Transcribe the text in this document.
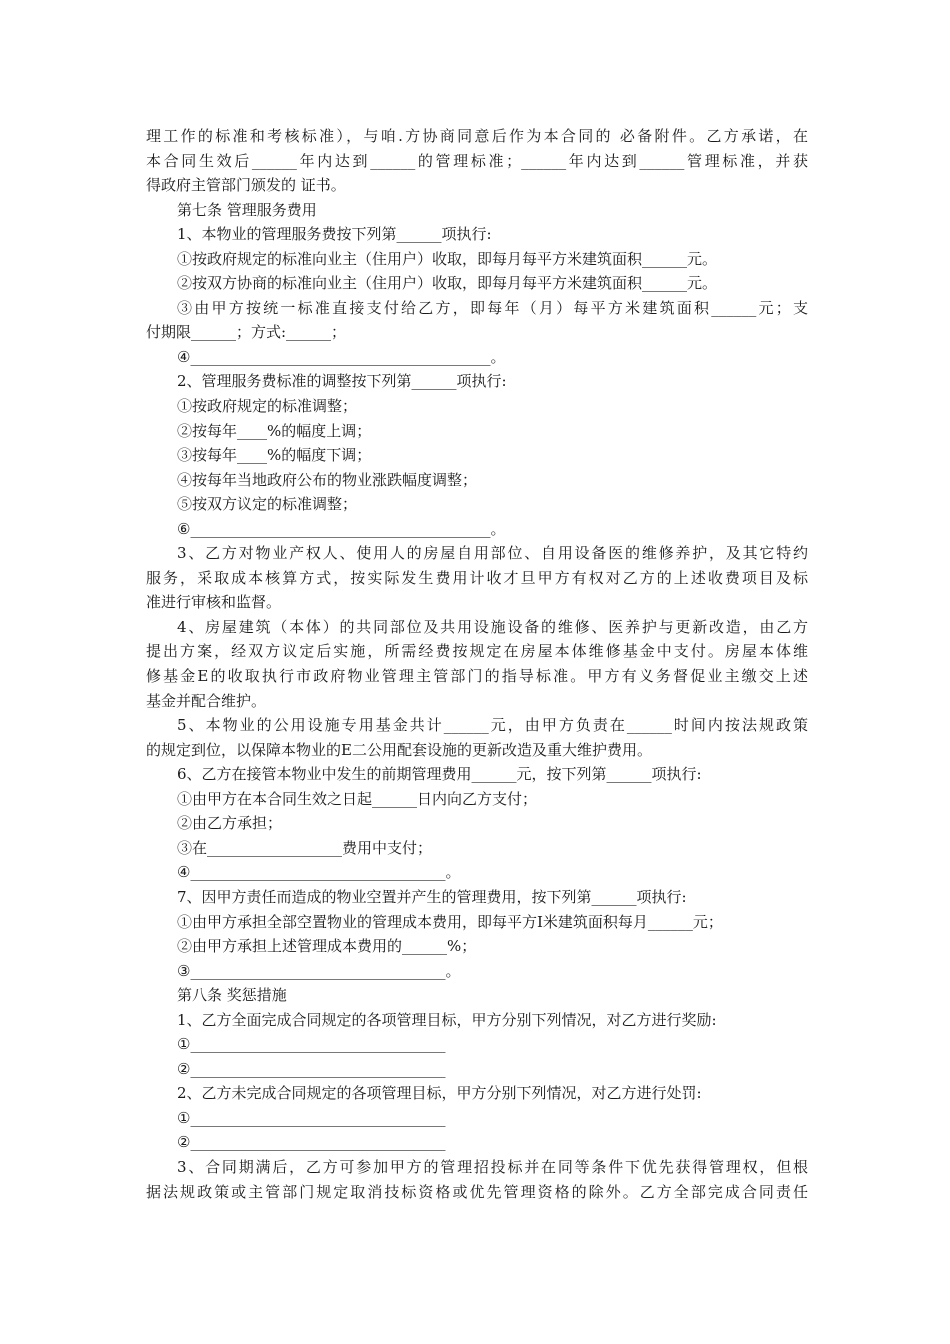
理工作的标准和考核标准），与咱.方协商同意后作为本合同的 必备附件。乙方承诺，在
本合同生效后______年内达到______的管理标准；______年内达到______管理标准，并获
得政府主管部门颁发的 证书。
第七条 管理服务费用
1、本物业的管理服务费按下列第______项执行:
①按政府规定的标准向业主（住用户）收取，即每月每平方米建筑面积______元。
②按双方协商的标准向业主（住用户）收取，即每月每平方米建筑面积______元。
③由甲方按统一标准直接支付给乙方，即每年（月）每平方米建筑面积______元；支
付期限______；方式:______；
④________________________________________。
2、管理服务费标准的调整按下列第______项执行:
①按政府规定的标准调整；
②按每年____%的幅度上调；
③按每年____%的幅度下调；
④按每年当地政府公布的物业涨跌幅度调整；
⑤按双方议定的标准调整；
⑥________________________________________。
3、乙方对物业产权人、使用人的房屋自用部位、自用设备医的维修养护，及其它特约
服务，采取成本核算方式，按实际发生费用计收才旦甲方有权对乙方的上述收费项目及标
准进行审核和监督。
4、房屋建筑（本体）的共同部位及共用设施设备的维修、医养护与更新改造，由乙方
提出方案，经双方议定后实施，所需经费按规定在房屋本体维修基金中支付。房屋本体维
修基金E的收取执行市政府物业管理主管部门的指导标准。甲方有义务督促业主缴交上述
基金并配合维护。
5、本物业的公用设施专用基金共计______元，由甲方负责在______时间内按法规政策
的规定到位，以保障本物业的E二公用配套设施的更新改造及重大维护费用。
6、乙方在接管本物业中发生的前期管理费用______元，按下列第______项执行:
①由甲方在本合同生效之日起______日内向乙方支付；
②由乙方承担；
③在__________________费用中支付；
④__________________________________。
7、因甲方责任而造成的物业空置并产生的管理费用，按下列第______项执行:
①由甲方承担全部空置物业的管理成本费用，即每平方I米建筑面积每月______元；
②由甲方承担上述管理成本费用的______%；
③__________________________________。
第八条 奖惩措施
1、乙方全面完成合同规定的各项管理目标，甲方分别下列情况，对乙方进行奖励:
①__________________________________
②__________________________________
2、乙方未完成合同规定的各项管理目标，甲方分别下列情况，对乙方进行处罚:
①__________________________________
②__________________________________
3、合同期满后，乙方可参加甲方的管理招投标并在同等条件下优先获得管理权，但根
据法规政策或主管部门规定取消技标资格或优先管理资格的除外。乙方全部完成合同责任
